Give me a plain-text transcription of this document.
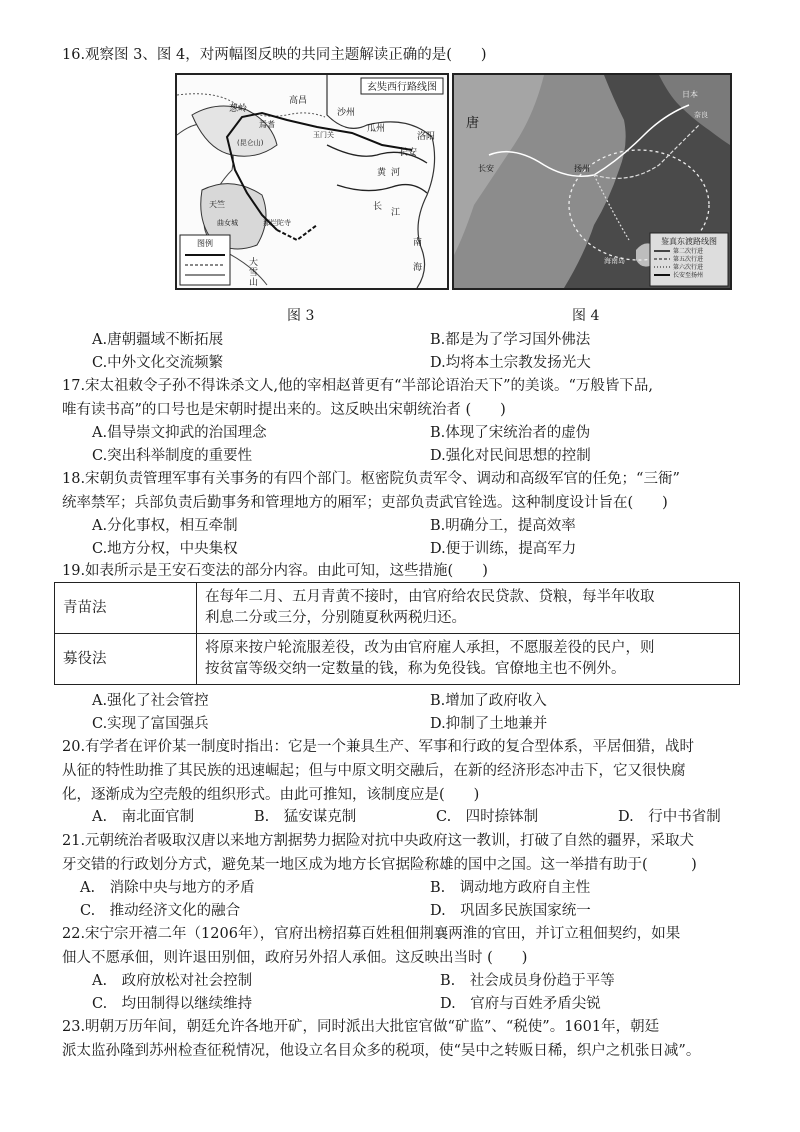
16.观察图 3、图 4，对两幅图反映的共同主题解读正确的是(　　)
玄奘西行路线图
图例
葱岭
高昌
沙州
瓜州
长安
洛阳
长
江
黄 河
南
海
那烂陀寺
大
雪
山
(昆仑山)
焉耆
天竺
曲女城
玉门关
唐
长安	扬州
日本
奈良
海南岛
鉴真东渡路线图
第二次行进
第五次行进
第六次行进
长安至扬州
图 3	图 4
A.唐朝疆域不断拓展	B.都是为了学习国外佛法
C.中外文化交流频繁	D.均将本土宗教发扬光大
17.宋太祖敕令子孙不得诛杀文人,他的宰相赵普更有“半部论语治天下”的美谈。“万般皆下品,
唯有读书高”的口号也是宋朝时提出来的。这反映出宋朝统治者 (　　)
A.倡导崇文抑武的治国理念	B.体现了宋统治者的虚伪
C.突出科举制度的重要性	D.强化对民间思想的控制
18.宋朝负责管理军事有关事务的有四个部门。枢密院负责军令、调动和高级军官的任免；“三衙”
统率禁军；兵部负责后勤事务和管理地方的厢军；吏部负责武官铨选。这种制度设计旨在(　　)
A.分化事权，相互牵制	B.明确分工，提高效率
C.地方分权，中央集权	D.便于训练，提高军力
19.如表所示是王安石变法的部分内容。由此可知，这些措施(　　)
青苗法	在每年二月、五月青黄不接时，由官府给农民贷款、贷粮，每半年收取
利息二分或三分，分别随夏秋两税归还。
募役法	将原来按户轮流服差役，改为由官府雇人承担，不愿服差役的民户，则
按贫富等级交纳一定数量的钱，称为免役钱。官僚地主也不例外。
A.强化了社会管控	B.增加了政府收入
C.实现了富国强兵	D.抑制了土地兼并
20.有学者在评价某一制度时指出：它是一个兼具生产、军事和行政的复合型体系，平居佃猎，战时
从征的特性助推了其民族的迅速崛起；但与中原文明交融后，在新的经济形态冲击下，它又很快腐
化，逐渐成为空壳般的组织形式。由此可推知，该制度应是(　　)
A.　南北面官制	B.　猛安谋克制	C.　四时捺钵制	D.　行中书省制
21.元朝统治者吸取汉唐以来地方割据势力据险对抗中央政府这一教训，打破了自然的疆界，采取犬
牙交错的行政划分方式，避免某一地区成为地方长官据险称雄的国中之国。这一举措有助于(　　　)
A.　消除中央与地方的矛盾	B.　调动地方政府自主性
C.　推动经济文化的融合	D.　巩固多民族国家统一
22.宋宁宗开禧二年（1206年），官府出榜招募百姓租佃荆襄两淮的官田，并订立租佃契约，如果
佃人不愿承佃，则许退田别佃，政府另外招人承佃。这反映出当时 (　　)
A.　政府放松对社会控制	B.　社会成员身份趋于平等
C.　均田制得以继续维持	D.　官府与百姓矛盾尖锐
23.明朝万历年间，朝廷允许各地开矿，同时派出大批宦官做“矿监”、“税使”。1601年，朝廷
派太监孙隆到苏州检查征税情况，他设立名目众多的税项，使“吴中之转贩日稀，织户之机张日减”。
